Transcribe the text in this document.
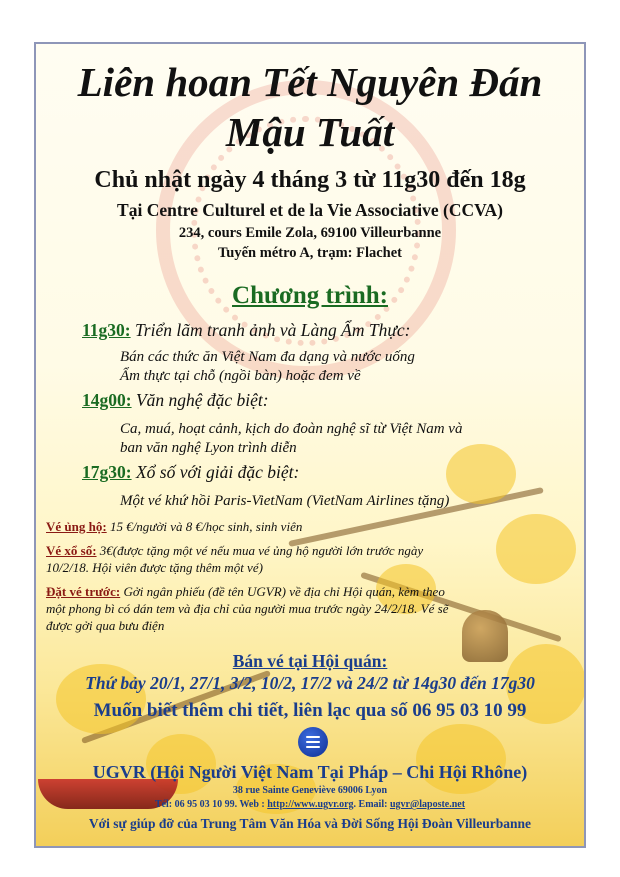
Liên hoan Tết Nguyên Đán
Mậu Tuất
Chủ nhật ngày 4 tháng 3 từ 11g30 đến 18g
Tại Centre Culturel et de la Vie Associative (CCVA)
234, cours Emile Zola, 69100 Villeurbanne
Tuyến métro A, trạm: Flachet
Chương trình:
11g30: Triển lãm tranh ảnh và Làng Ẩm Thực:
Bán các thức ăn Việt Nam đa dạng và nước uống
Ẩm thực tại chỗ (ngồi bàn) hoặc đem về
14g00: Văn nghệ đặc biệt:
Ca, muá, hoạt cảnh, kịch do đoàn nghệ sĩ từ Việt Nam và
ban văn nghệ Lyon trình diễn
17g30: Xổ số với giải đặc biệt:
Một vé khứ hồi Paris-VietNam (VietNam Airlines tặng)
Vé ủng hộ: 15 €/người và 8 €/học sinh, sinh viên
Vé xổ số: 3€(được tặng một vé nếu mua vé ủng hộ người lớn trước ngày
10/2/18. Hội viên được tặng thêm một vé)
Đặt vé trước: Gởi ngân phiếu (đề tên UGVR) về địa chỉ Hội quán, kèm theo
một phong bì có dán tem và địa chỉ của người mua trước ngày 24/2/18. Vé sẽ
được gởi qua bưu điện
Bán vé tại Hội quán:
Thứ bảy 20/1, 27/1, 3/2, 10/2, 17/2 và 24/2 từ 14g30 đến 17g30
Muốn biết thêm chi tiết, liên lạc qua số 06 95 03 10 99
UGVR (Hội Người Việt Nam Tại Pháp – Chi Hội Rhône)
38 rue Sainte Geneviève 69006 Lyon
Tél: 06 95 03 10 99. Web : http://www.ugvr.org. Email: ugvr@laposte.net
Với sự giúp đỡ của Trung Tâm Văn Hóa và Đời Sống Hội Đoàn Villeurbanne
